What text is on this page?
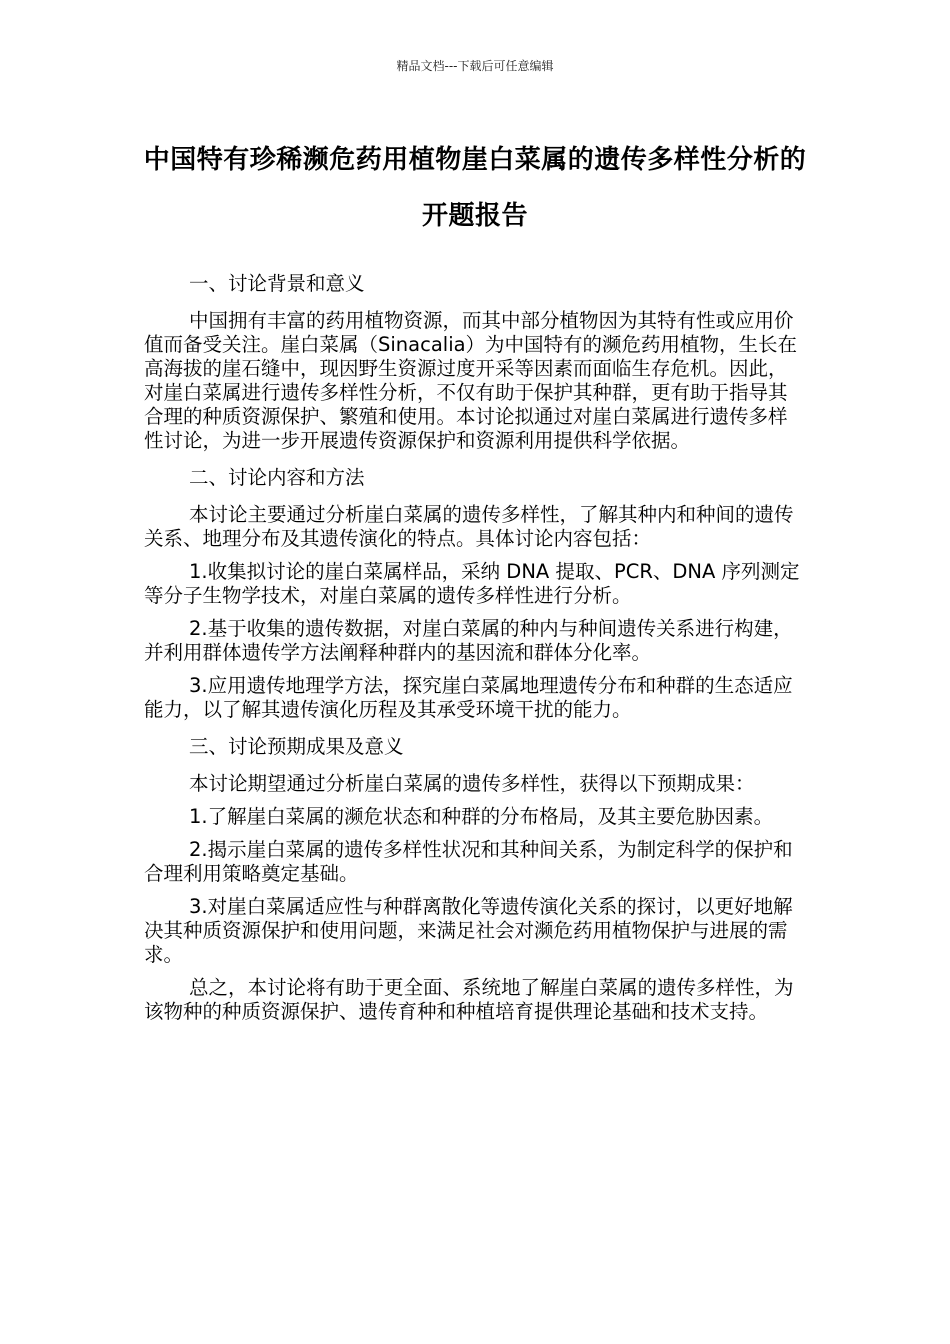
精品文档---下载后可任意编辑
中国特有珍稀濒危药用植物崖白菜属的遗传多样性分析的开题报告
一、讨论背景和意义

中国拥有丰富的药用植物资源，而其中部分植物因为其特有性或应用价值而备受关注。崖白菜属（Sinacalia）为中国特有的濒危药用植物，生长在高海拔的崖石缝中，现因野生资源过度开采等因素而面临生存危机。因此，对崖白菜属进行遗传多样性分析，不仅有助于保护其种群，更有助于指导其合理的种质资源保护、繁殖和使用。本讨论拟通过对崖白菜属进行遗传多样性讨论，为进一步开展遗传资源保护和资源利用提供科学依据。

二、讨论内容和方法

本讨论主要通过分析崖白菜属的遗传多样性，了解其种内和种间的遗传关系、地理分布及其遗传演化的特点。具体讨论内容包括：

1.收集拟讨论的崖白菜属样品，采纳 DNA 提取、PCR、DNA 序列测定等分子生物学技术，对崖白菜属的遗传多样性进行分析。

2.基于收集的遗传数据，对崖白菜属的种内与种间遗传关系进行构建，并利用群体遗传学方法阐释种群内的基因流和群体分化率。

3.应用遗传地理学方法，探究崖白菜属地理遗传分布和种群的生态适应能力，以了解其遗传演化历程及其承受环境干扰的能力。

三、讨论预期成果及意义

本讨论期望通过分析崖白菜属的遗传多样性，获得以下预期成果：

1.了解崖白菜属的濒危状态和种群的分布格局，及其主要危胁因素。

2.揭示崖白菜属的遗传多样性状况和其种间关系，为制定科学的保护和合理利用策略奠定基础。

3.对崖白菜属适应性与种群离散化等遗传演化关系的探讨，以更好地解决其种质资源保护和使用问题，来满足社会对濒危药用植物保护与进展的需求。

总之，本讨论将有助于更全面、系统地了解崖白菜属的遗传多样性，为该物种的种质资源保护、遗传育种和种植培育提供理论基础和技术支持。
